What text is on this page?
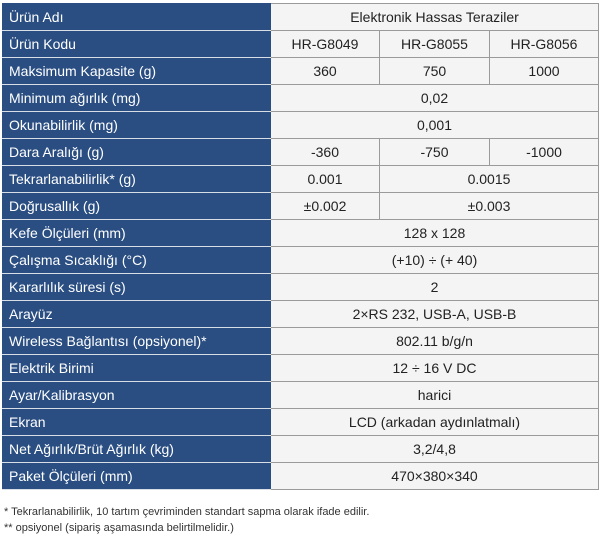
Ürün Adı	Elektronik Hassas Teraziler		
Ürün Kodu	HR-G8049	HR-G8055	HR-G8056
Maksimum Kapasite (g)	360	750	1000
Minimum ağırlık (mg)	0,02		
Okunabilirlik (mg)	0,001		
Dara Aralığı (g)	-360	-750	-1000
Tekrarlanabilirlik* (g)	0.001	0.0015	
Doğrusallık (g)	±0.002	±0.003	
Kefe Ölçüleri (mm)	128 x 128		
Çalışma Sıcaklığı (°C)	(+10) ÷ (+ 40)		
Kararlılık süresi (s)	2		
Arayüz	2×RS 232, USB-A, USB-B		
Wireless Bağlantısı (opsiyonel)*	802.11 b/g/n		
Elektrik Birimi	12 ÷ 16 V DC		
Ayar/Kalibrasyon	harici		
Ekran	LCD (arkadan aydınlatmalı)		
Net Ağırlık/Brüt Ağırlık (kg)	3,2/4,8		
Paket Ölçüleri (mm)	470×380×340		
* Tekrarlanabilirlik, 10 tartım çevriminden standart sapma olarak ifade edilir.
** opsiyonel (sipariş aşamasında belirtilmelidir.)
